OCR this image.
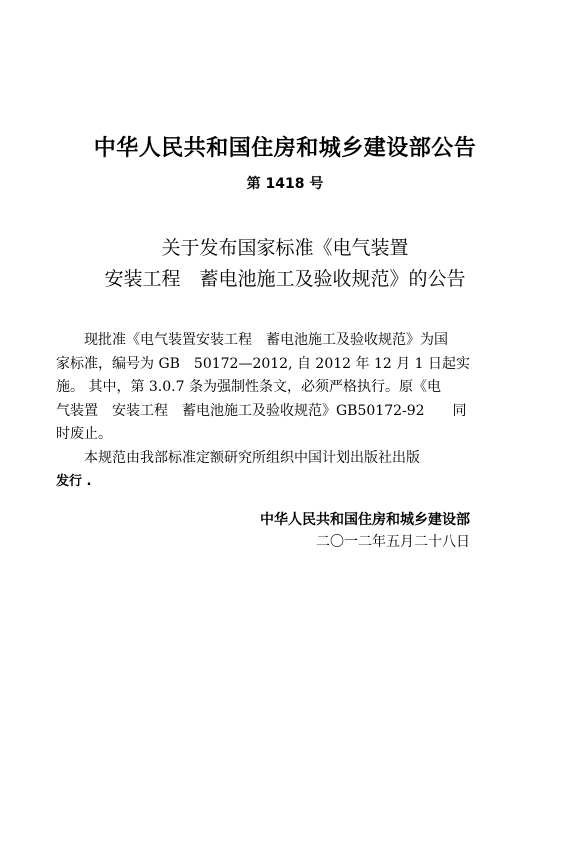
中华人民共和国住房和城乡建设部公告
第 1418 号
关于发布国家标准《电气装置
安装工程　蓄电池施工及验收规范》的公告
　　现批准《电气装置安装工程　蓄电池施工及验收规范》为国
家标准，编号为 GB　50172—2012, 自 2012 年 12 月 1 日起实
施。 其中，第 3.0.7 条为强制性条文，必须严格执行。原《电
气装置　安装工程　蓄电池施工及验收规范》GB50172-92　　同
时废止。
　　本规范由我部标准定额研究所组织中国计划出版社出版
发行 .
中华人民共和国住房和城乡建设部
二〇一二年五月二十八日
